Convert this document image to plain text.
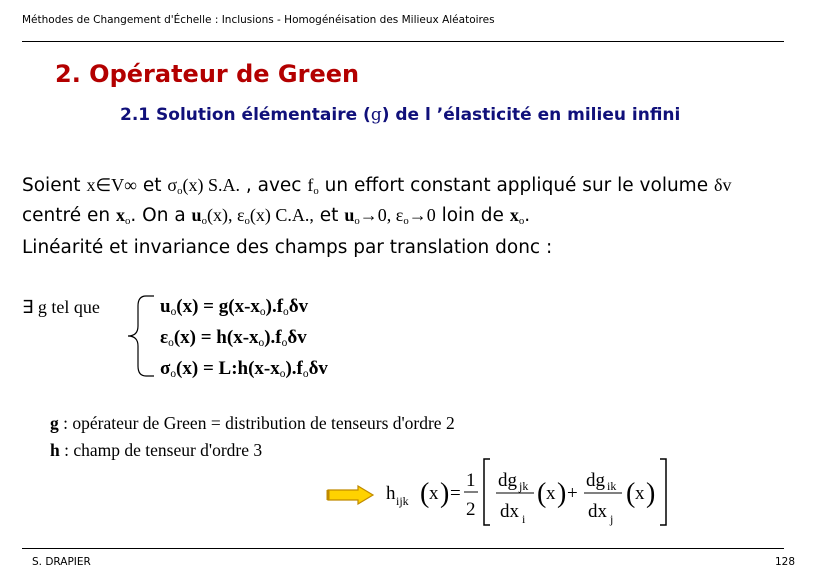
Méthodes de Changement d'Échelle : Inclusions - Homogénéisation des Milieux Aléatoires
2. Opérateur de Green
2.1 Solution élémentaire (g) de l ’élasticité en milieu infini
Soient x∈V∞ et $\sigma_o(x)$ S.A. , avec $f_o$ un effort constant appliqué sur le volume δv
centré en $x_o$. On a $u_o(x)$, $\varepsilon_o(x)$ C.A., et $u_o\to 0$, $\varepsilon_o\to 0$ loin de $x_o$.
Linéarité et invariance des champs par translation donc :
∃ g tel que	$u_o(x) = g(x-x_o).f_o\delta v$
$\varepsilon_o(x) = h(x-x_o).f_o\delta v$
$\sigma_o(x)$ = $L:h(x-x_o).f_o\delta v$
g : opérateur de Green = distribution de tenseurs d'ordre 2
h : champ de tenseur d'ordre 3
h ijk ( x ) =
1
2
dg jk
dx i
( x ) +
dg ik
dx j
( x )
S. DRAPIER	128
